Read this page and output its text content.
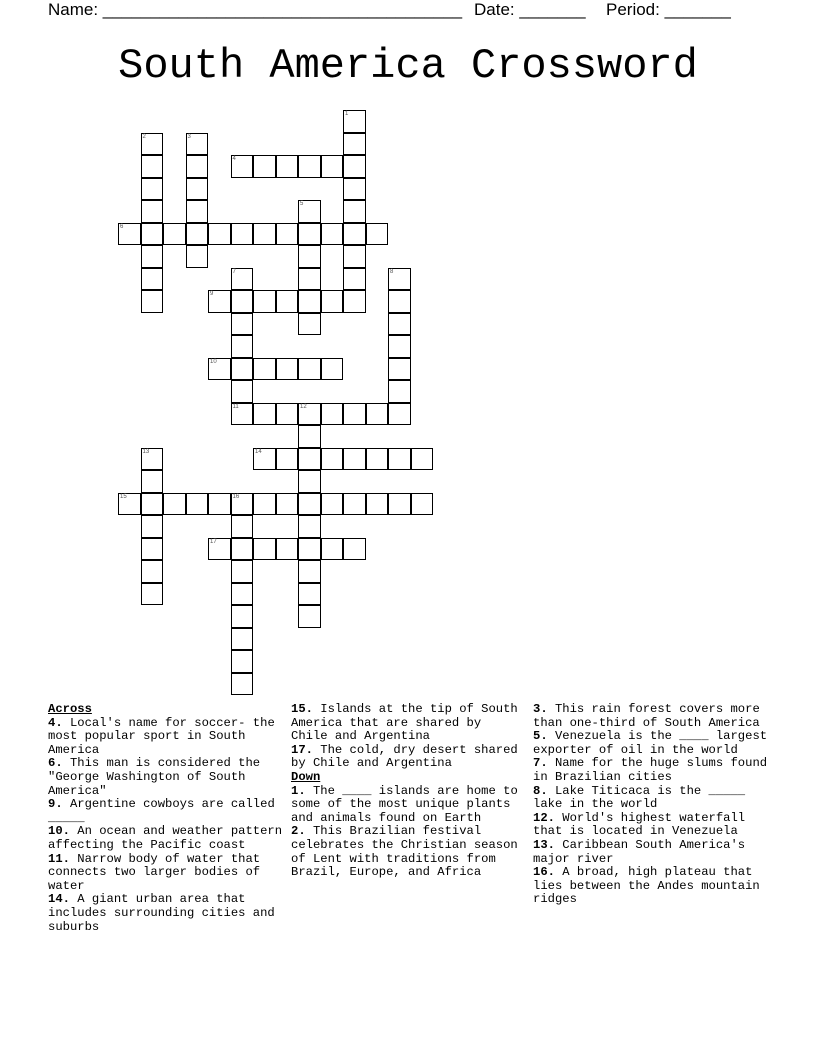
Name: ______________________________________ Date: _______ Period: _______
South America Crossword
1
2	3
4
5
6
7
11
8
9
10
12
13	14
15	16
17
Across
4. Local's name for soccer- the most popular sport in South America
6. This man is considered the "George Washington of South America"
9. Argentine cowboys are called _____
10. An ocean and weather pattern affecting the Pacific coast
11. Narrow body of water that connects two larger bodies of water
14. A giant urban area that includes surrounding cities and suburbs
15. Islands at the tip of South America that are shared by Chile and Argentina
17. The cold, dry desert shared by Chile and Argentina
Down
1. The ____ islands are home to some of the most unique plants and animals found on Earth
2. This Brazilian festival celebrates the Christian season of Lent with traditions from Brazil, Europe, and Africa
3. This rain forest covers more than one-third of South America
5. Venezuela is the ____ largest exporter of oil in the world
7. Name for the huge slums found in Brazilian cities
8. Lake Titicaca is the _____ lake in the world
12. World's highest waterfall that is located in Venezuela
13. Caribbean South America's major river
16. A broad, high plateau that lies between the Andes mountain ridges
